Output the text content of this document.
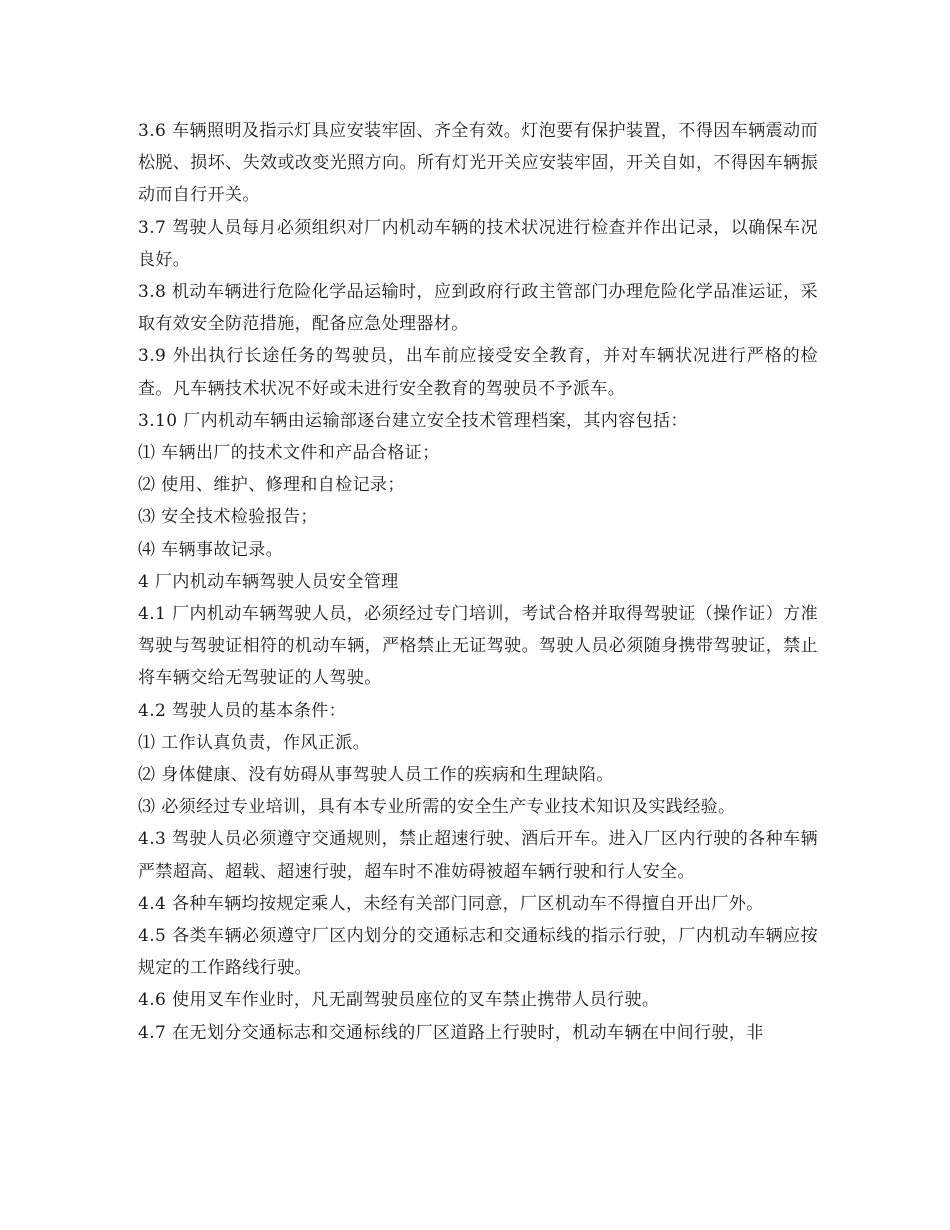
3.6 车辆照明及指示灯具应安装牢固、齐全有效。灯泡要有保护装置，不得因车辆震动而松脱、损坏、失效或改变光照方向。所有灯光开关应安装牢固，开关自如，不得因车辆振动而自行开关。

3.7 驾驶人员每月必须组织对厂内机动车辆的技术状况进行检查并作出记录，以确保车况良好。

3.8 机动车辆进行危险化学品运输时，应到政府行政主管部门办理危险化学品准运证，采取有效安全防范措施，配备应急处理器材。

3.9 外出执行长途任务的驾驶员，出车前应接受安全教育，并对车辆状况进行严格的检查。凡车辆技术状况不好或未进行安全教育的驾驶员不予派车。

3.10 厂内机动车辆由运输部逐台建立安全技术管理档案，其内容包括：

⑴ 车辆出厂的技术文件和产品合格证；

⑵ 使用、维护、修理和自检记录；

⑶ 安全技术检验报告；

⑷ 车辆事故记录。

4 厂内机动车辆驾驶人员安全管理

4.1 厂内机动车辆驾驶人员，必须经过专门培训，考试合格并取得驾驶证（操作证）方准驾驶与驾驶证相符的机动车辆，严格禁止无证驾驶。驾驶人员必须随身携带驾驶证，禁止将车辆交给无驾驶证的人驾驶。

4.2 驾驶人员的基本条件：

⑴ 工作认真负责，作风正派。

⑵ 身体健康、没有妨碍从事驾驶人员工作的疾病和生理缺陷。

⑶ 必须经过专业培训，具有本专业所需的安全生产专业技术知识及实践经验。

4.3 驾驶人员必须遵守交通规则，禁止超速行驶、酒后开车。进入厂区内行驶的各种车辆严禁超高、超载、超速行驶，超车时不准妨碍被超车辆行驶和行人安全。

4.4 各种车辆均按规定乘人，未经有关部门同意，厂区机动车不得擅自开出厂外。

4.5 各类车辆必须遵守厂区内划分的交通标志和交通标线的指示行驶，厂内机动车辆应按规定的工作路线行驶。

4.6 使用叉车作业时，凡无副驾驶员座位的叉车禁止携带人员行驶。

4.7 在无划分交通标志和交通标线的厂区道路上行驶时，机动车辆在中间行驶，非
